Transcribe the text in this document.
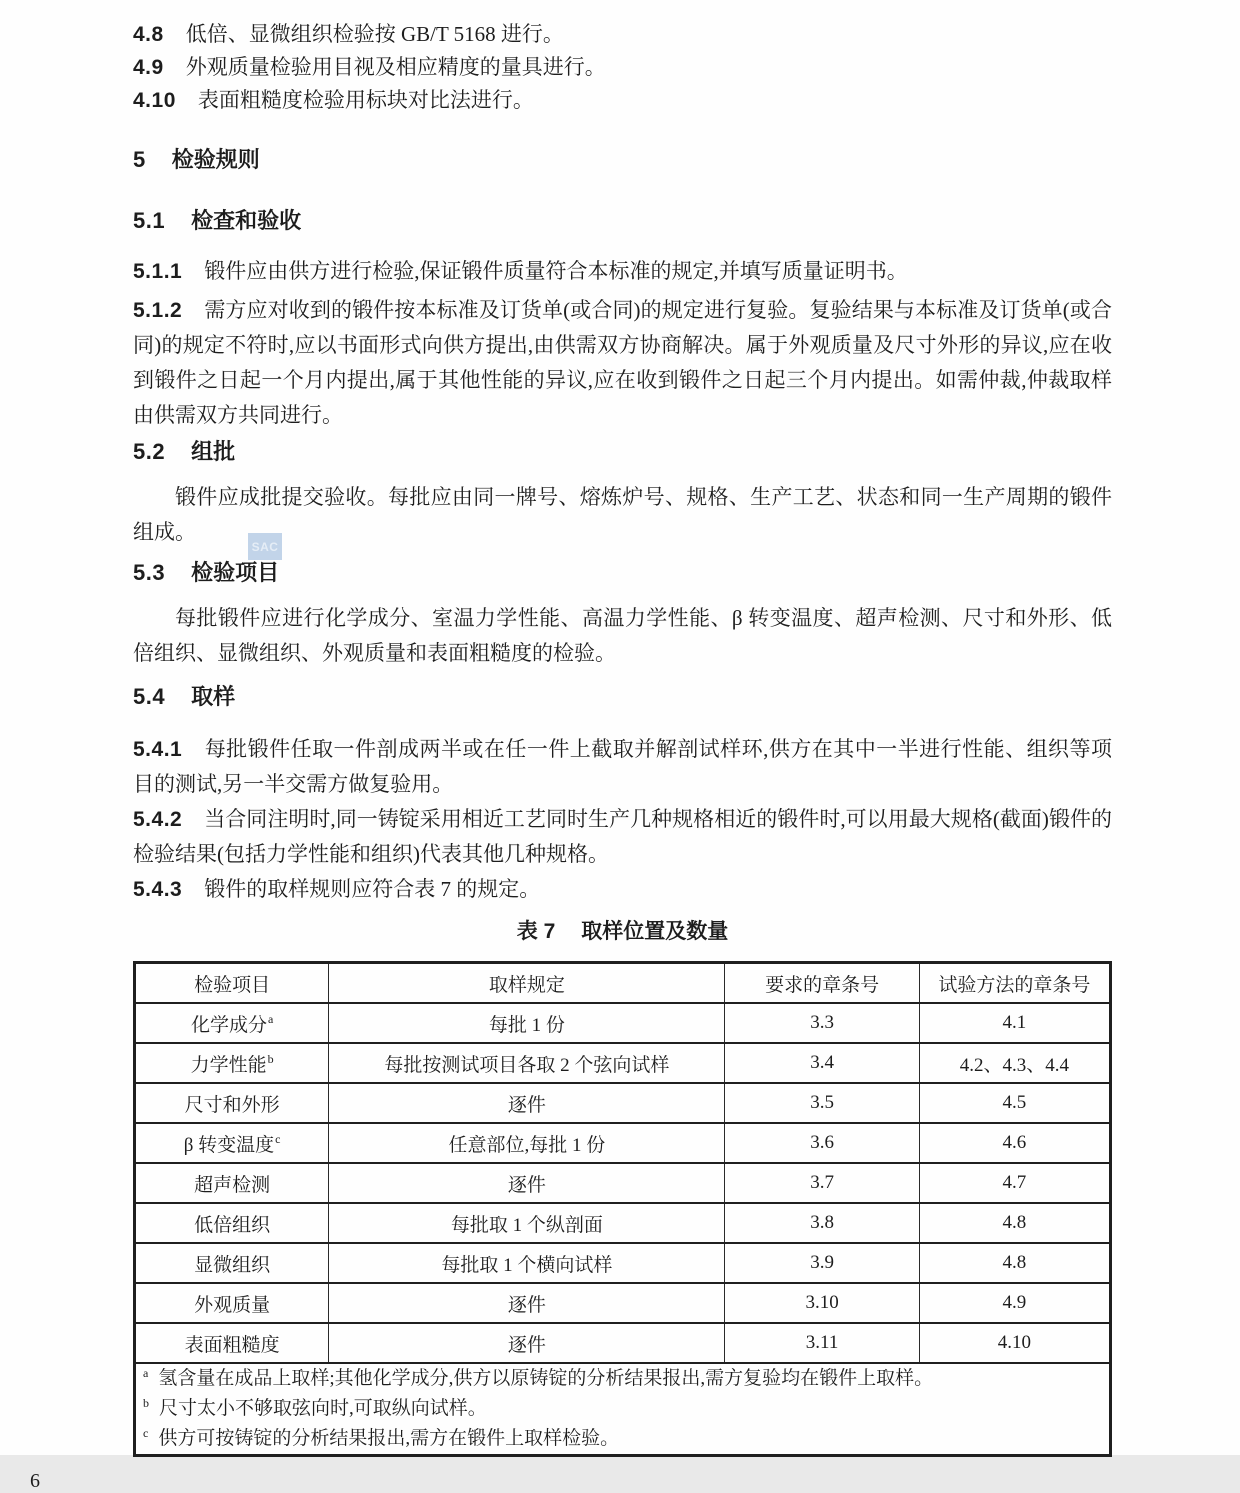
SAC

4.8 低倍、显微组织检验按 GB/T 5168 进行。

4.9 外观质量检验用目视及相应精度的量具进行。

4.10 表面粗糙度检验用标块对比法进行。

5 检验规则
5.1 检查和验收

5.1.1 锻件应由供方进行检验,保证锻件质量符合本标准的规定,并填写质量证明书。

5.1.2 需方应对收到的锻件按本标准及订货单(或合同)的规定进行复验。复验结果与本标准及订货单(或合同)的规定不符时,应以书面形式向供方提出,由供需双方协商解决。属于外观质量及尺寸外形的异议,应在收到锻件之日起一个月内提出,属于其他性能的异议,应在收到锻件之日起三个月内提出。如需仲裁,仲裁取样由供需双方共同进行。

5.2 组批

锻件应成批提交验收。每批应由同一牌号、熔炼炉号、规格、生产工艺、状态和同一生产周期的锻件组成。

5.3 检验项目

每批锻件应进行化学成分、室温力学性能、高温力学性能、β 转变温度、超声检测、尺寸和外形、低倍组织、显微组织、外观质量和表面粗糙度的检验。

5.4 取样

5.4.1 每批锻件任取一件剖成两半或在任一件上截取并解剖试样环,供方在其中一半进行性能、组织等项目的测试,另一半交需方做复验用。

5.4.2 当合同注明时,同一铸锭采用相近工艺同时生产几种规格相近的锻件时,可以用最大规格(截面)锻件的检验结果(包括力学性能和组织)代表其他几种规格。

5.4.3 锻件的取样规则应符合表 7 的规定。

表 7 取样位置及数量

检验项目	取样规定	要求的章条号	试验方法的章条号
化学成分$^a$	每批 1 份	3.3	4.1
力学性能$^b$	每批按测试项目各取 2 个弦向试样	3.4	4.2、4.3、4.4
尺寸和外形	逐件	3.5	4.5
β 转变温度$^c$	任意部位,每批 1 份	3.6	4.6
超声检测	逐件	3.7	4.7
低倍组织	每批取 1 个纵剖面	3.8	4.8
显微组织	每批取 1 个横向试样	3.9	4.8
外观质量	逐件	3.10	4.9
表面粗糙度	逐件	3.11	4.10

$^a$ 氢含量在成品上取样;其他化学成分,供方以原铸锭的分析结果报出,需方复验均在锻件上取样。

$^b$ 尺寸太小不够取弦向时,可取纵向试样。

$^c$ 供方可按铸锭的分析结果报出,需方在锻件上取样检验。			

6
